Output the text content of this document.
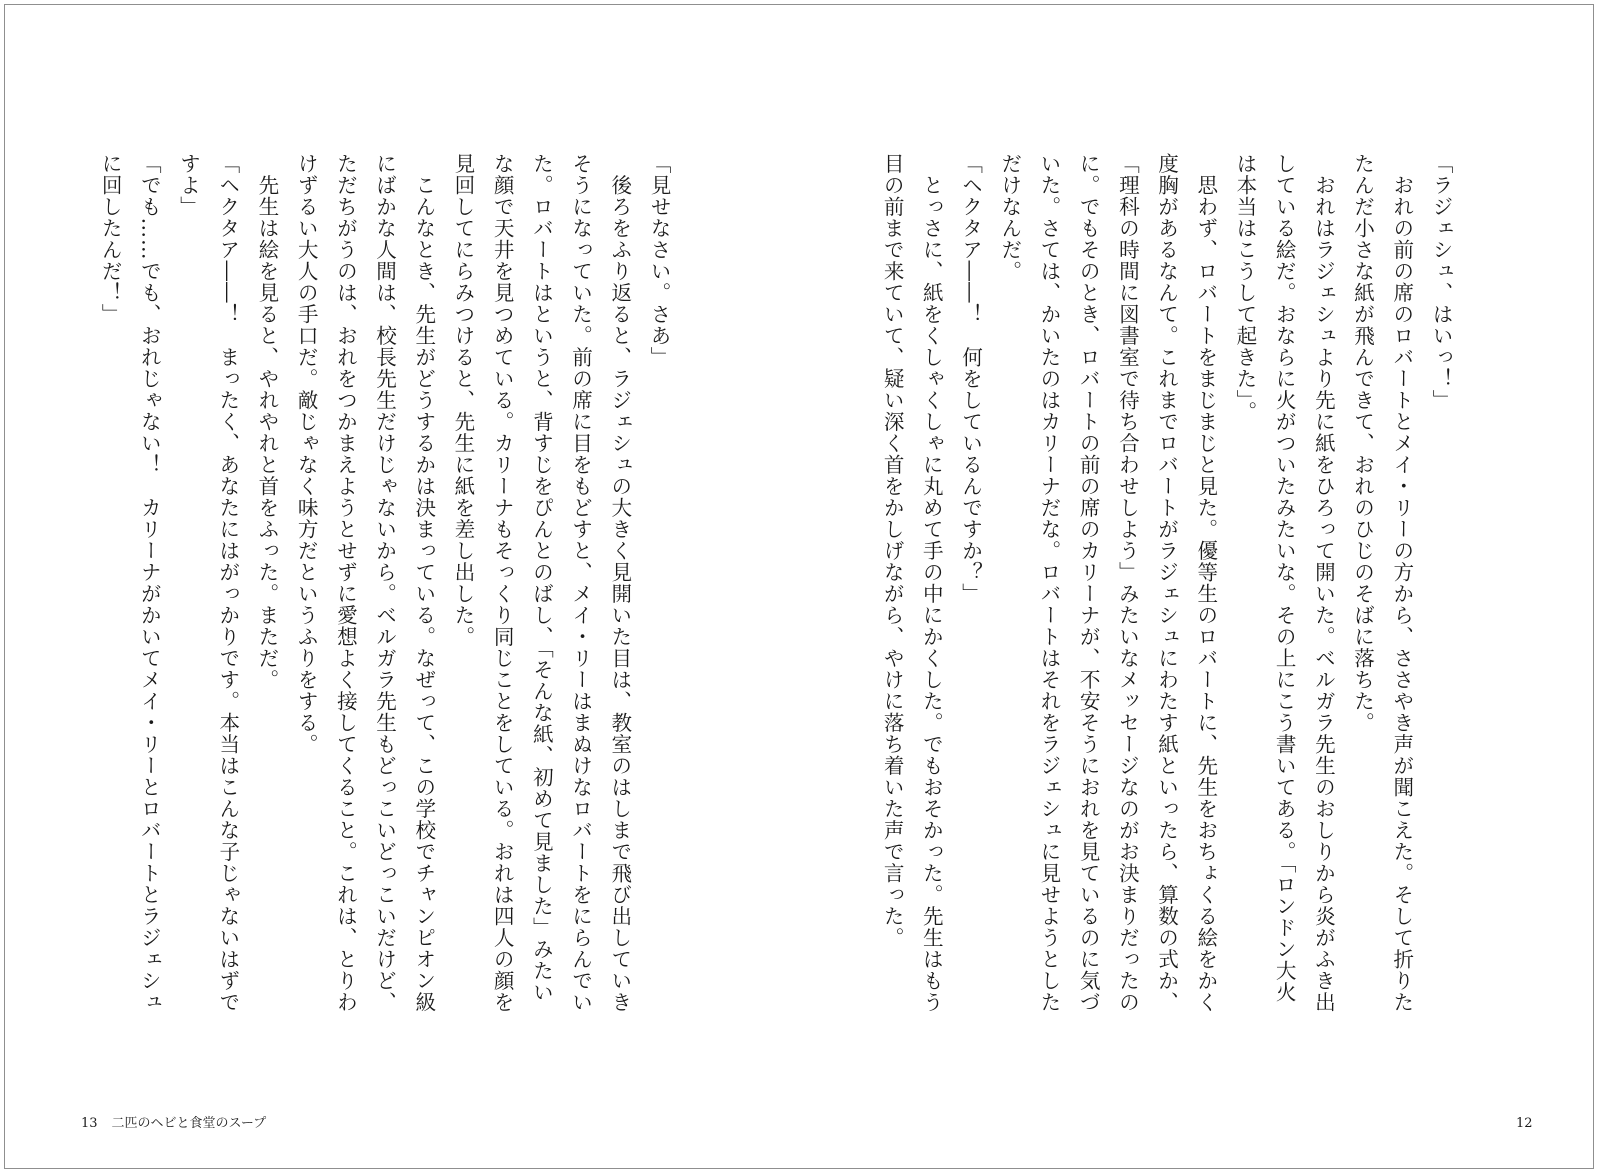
「ラジェシュ、はいっ！」
　おれの前の席のロバートとメイ・リーの方から、ささやき声が聞こえた。そして折りた
たんだ小さな紙が飛んできて、おれのひじのそばに落ちた。
　おれはラジェシュより先に紙をひろって開いた。ベルガラ先生のおしりから炎がふき出
している絵だ。おならに火がついたみたいな。その上にこう書いてある。「ロンドン大火
は本当はこうして起きた」。
　思わず、ロバートをまじまじと見た。優等生のロバートに、先生をおちょくる絵をかく
度胸があるなんて。これまでロバートがラジェシュにわたす紙といったら、算数の式か、
「理科の時間に図書室で待ち合わせしよう」みたいなメッセージなのがお決まりだったの
に。でもそのとき、ロバートの前の席のカリーナが、不安そうにおれを見ているのに気づ
いた。さては、かいたのはカリーナだな。ロバートはそれをラジェシュに見せようとした
だけなんだ。
「ヘクタア――！　何をしているんですか？」
　とっさに、紙をくしゃくしゃに丸めて手の中にかくした。でもおそかった。先生はもう
目の前まで来ていて、疑い深く首をかしげながら、やけに落ち着いた声で言った。
「見せなさい。さあ」
　後ろをふり返ると、ラジェシュの大きく見開いた目は、教室のはしまで飛び出していき
そうになっていた。前の席に目をもどすと、メイ・リーはまぬけなロバートをにらんでい
た。ロバートはというと、背すじをぴんとのばし、「そんな紙、初めて見ました」みたい
な顔で天井を見つめている。カリーナもそっくり同じことをしている。おれは四人の顔を
見回してにらみつけると、先生に紙を差し出した。
　こんなとき、先生がどうするかは決まっている。なぜって、この学校でチャンピオン級
にばかな人間は、校長先生だけじゃないから。ベルガラ先生もどっこいどっこいだけど、
ただちがうのは、おれをつかまえようとせずに愛想よく接してくること。これは、とりわ
けずるい大人の手口だ。敵じゃなく味方だというふりをする。
　先生は絵を見ると、やれやれと首をふった。まただ。
「ヘクタア――！　まったく、あなたにはがっかりです。本当はこんな子じゃないはずで
すよ」
「でも……でも、おれじゃない！　カリーナがかいてメイ・リーとロバートとラジェシュ
に回したんだ！」
13 二匹のヘビと食堂のスープ	12
